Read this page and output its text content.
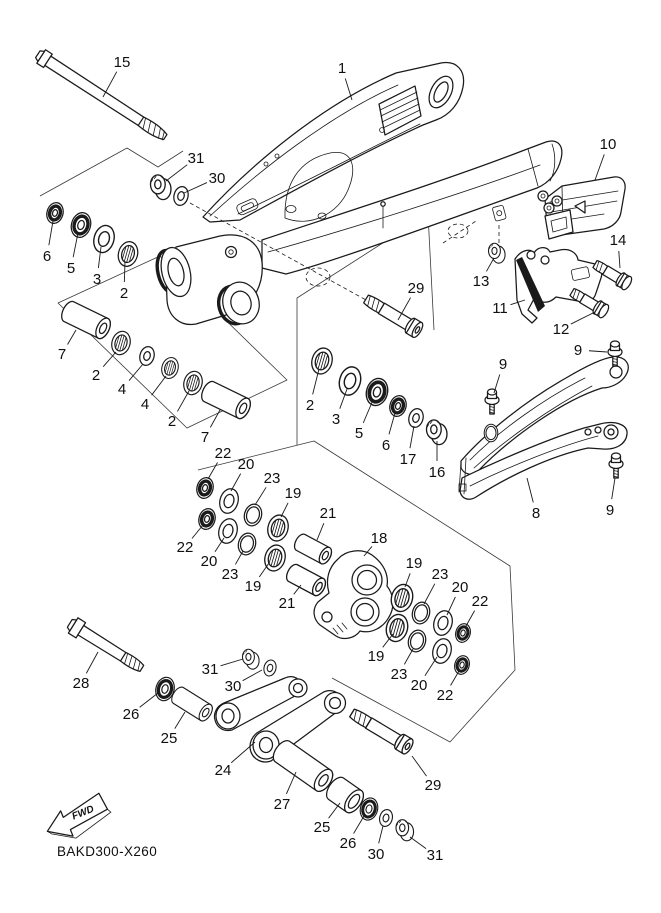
FWD
BAKD300-X260
15	1
31
30
10
6
5
3
2
13
14
11
12
7
2
4
29
4
2
9
2
3
5
7	6
17
16
9
8	9
22
20
23
19
21
18
19
23
20
22
22
20
23
19
21
19
23
20
22
28
31
30
26
25
24
27
29
25
26
30	31
